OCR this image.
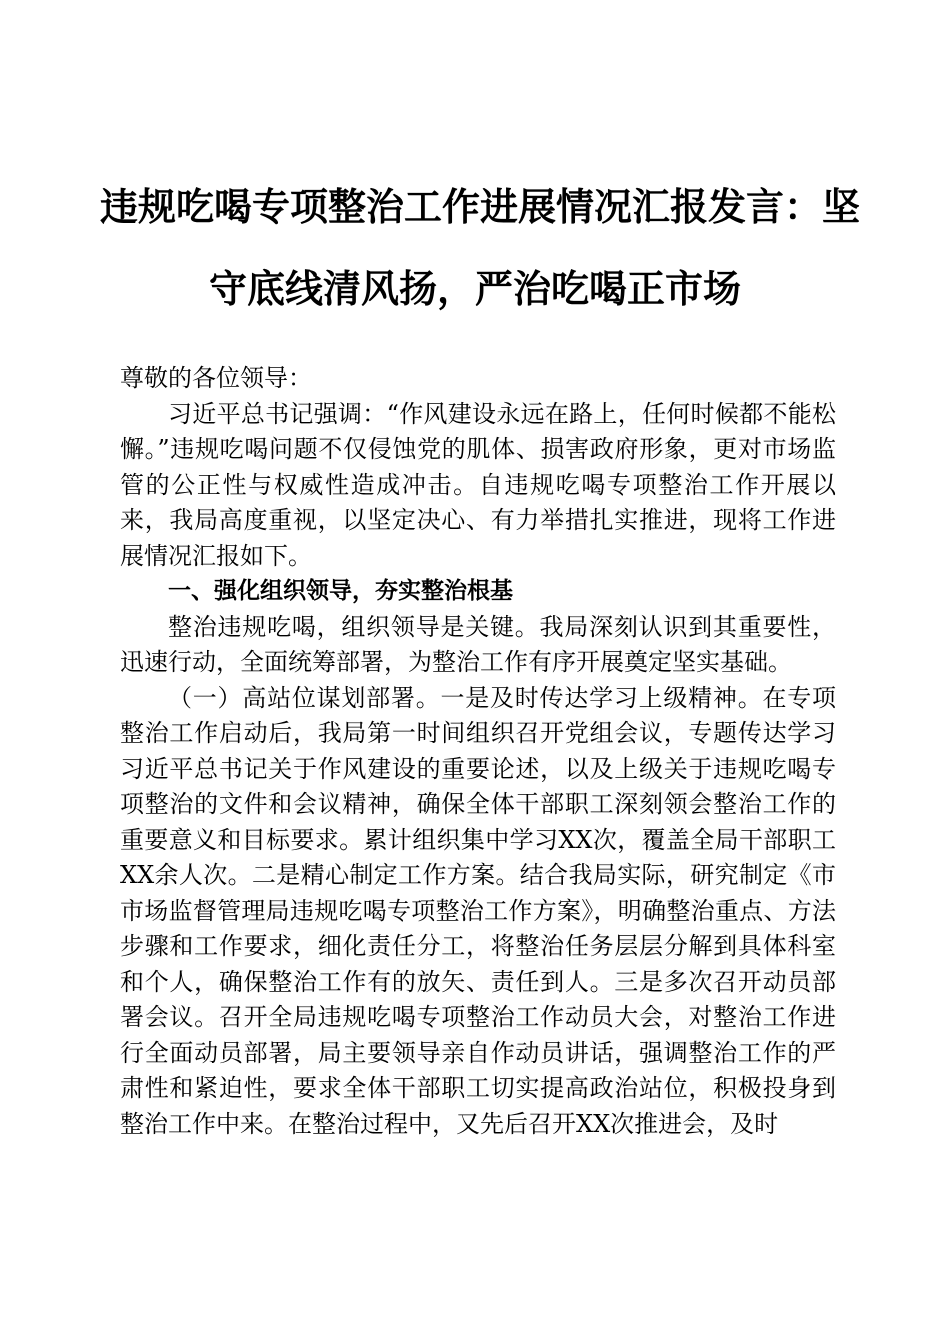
违规吃喝专项整治工作进展情况汇报发言：坚
守底线清风扬，严治吃喝正市场

尊敬的各位领导：

习近平总书记强调：“作风建设永远在路上，任何时候都不能松懈。”违规吃喝问题不仅侵蚀党的肌体、损害政府形象，更对市场监管的公正性与权威性造成冲击。自违规吃喝专项整治工作开展以来，我局高度重视，以坚定决心、有力举措扎实推进，现将工作进展情况汇报如下。

一、强化组织领导，夯实整治根基

整治违规吃喝，组织领导是关键。我局深刻认识到其重要性，迅速行动，全面统筹部署，为整治工作有序开展奠定坚实基础。

（一）高站位谋划部署。一是及时传达学习上级精神。在专项整治工作启动后，我局第一时间组织召开党组会议，专题传达学习习近平总书记关于作风建设的重要论述，以及上级关于违规吃喝专项整治的文件和会议精神，确保全体干部职工深刻领会整治工作的重要意义和目标要求。累计组织集中学习XX次，覆盖全局干部职工XX余人次。二是精心制定工作方案。结合我局实际，研究制定《市市场监督管理局违规吃喝专项整治工作方案》，明确整治重点、方法步骤和工作要求，细化责任分工，将整治任务层层分解到具体科室和个人，确保整治工作有的放矢、责任到人。三是多次召开动员部署会议。召开全局违规吃喝专项整治工作动员大会，对整治工作进行全面动员部署，局主要领导亲自作动员讲话，强调整治工作的严肃性和紧迫性，要求全体干部职工切实提高政治站位，积极投身到整治工作中来。在整治过程中，又先后召开XX次推进会，及时
